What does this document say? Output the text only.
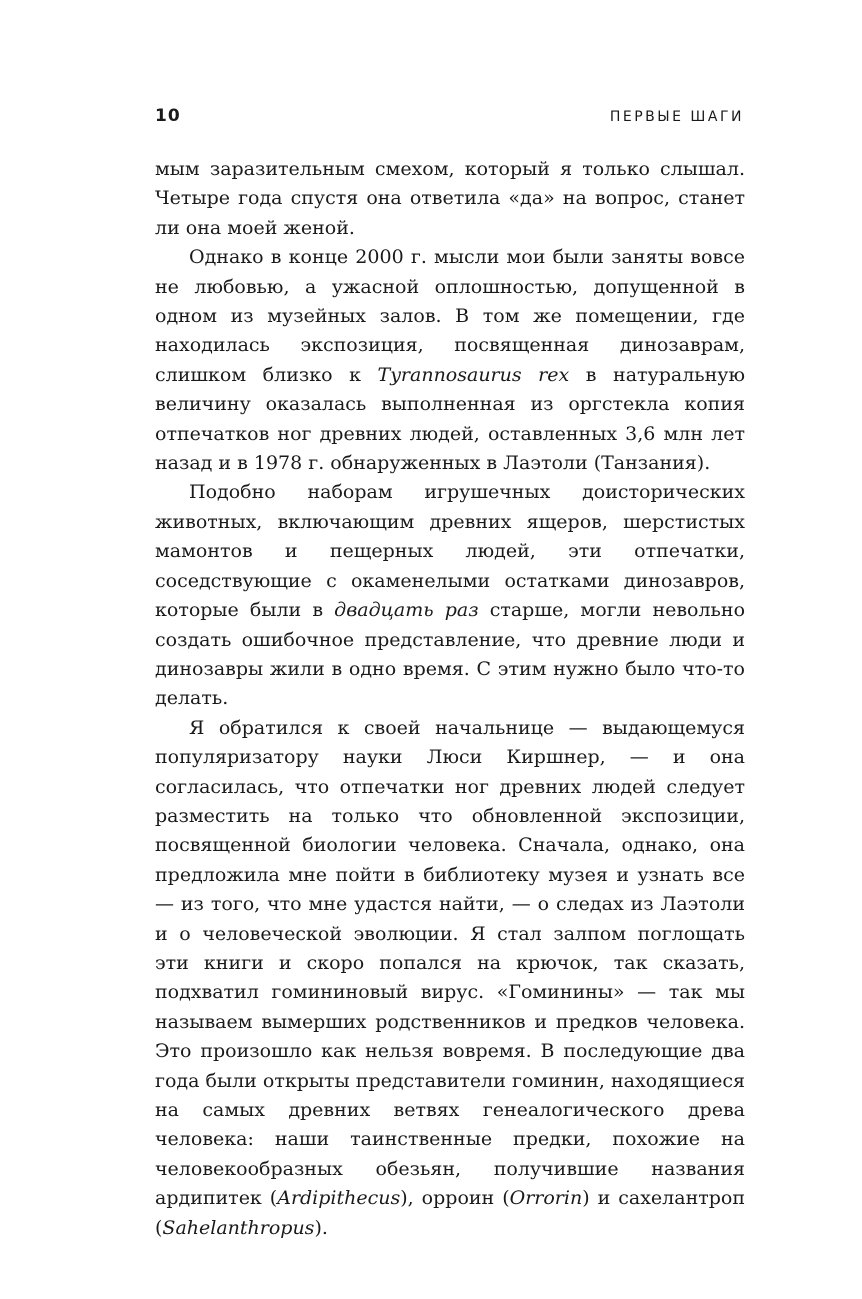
10	ПЕРВЫЕ ШАГИ

мым заразительным смехом, который я только слышал. Четыре года спустя она ответила «да» на вопрос, станет ли она моей женой.

Однако в конце 2000 г. мысли мои были заняты вовсе не любовью, а ужасной оплошностью, допущенной в одном из музейных залов. В том же помещении, где находилась экспозиция, посвященная динозаврам, слишком близко к Tyrannosaurus rex в натуральную величину оказалась выполненная из оргстекла копия отпечатков ног древних людей, оставленных 3,6 млн лет назад и в 1978 г. обнаруженных в Лаэтоли (Танзания).

Подобно наборам игрушечных доисторических животных, включающим древних ящеров, шерстистых мамонтов и пещерных людей, эти отпечатки, соседствующие с окаменелыми остатками динозавров, которые были в двадцать раз старше, могли невольно создать ошибочное представление, что древние люди и динозавры жили в одно время. С этим нужно было что-то делать.

Я обратился к своей начальнице — выдающемуся популяризатору науки Люси Киршнер, — и она согласилась, что отпечатки ног древних людей следует разместить на только что обновленной экспозиции, посвященной биологии человека. Сначала, однако, она предложила мне пойти в библиотеку музея и узнать все — из того, что мне удастся найти, — о следах из Лаэтоли и о человеческой эволюции. Я стал залпом поглощать эти книги и скоро попался на крючок, так сказать, подхватил гомининовый вирус. «Гоминины» — так мы называем вымерших родственников и предков человека. Это произошло как нельзя вовремя. В последующие два года были открыты представители гоминин, находящиеся на самых древних ветвях генеалогического древа человека: наши таинственные предки, похожие на человекообразных обезьян, получившие названия ардипитек (Ardipithecus), орроин (Orrorin) и сахелантроп (Sahelanthropus).
